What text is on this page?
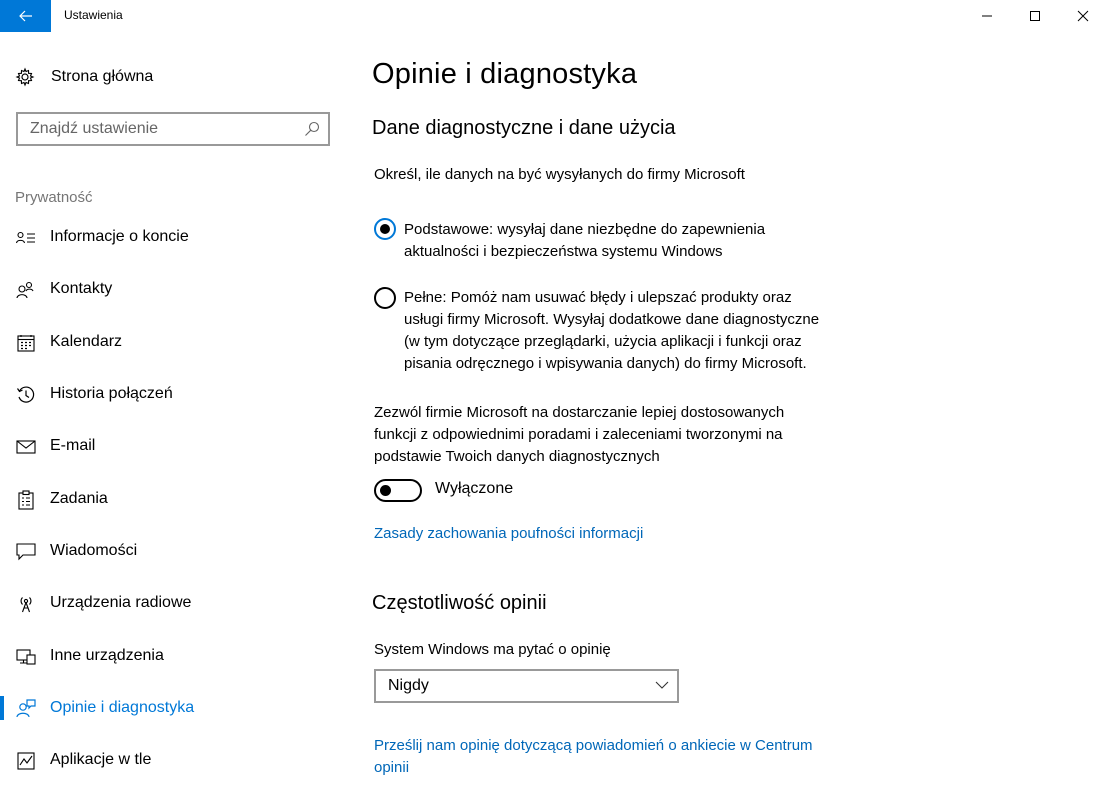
Ustawienia
Strona główna
Znajdź ustawienie
Prywatność
Informacje o koncie
Kontakty
Kalendarz
Historia połączeń
E-mail
Zadania
Wiadomości
Urządzenia radiowe
Inne urządzenia
Opinie i diagnostyka
Aplikacje w tle
Opinie i diagnostyka
Dane diagnostyczne i dane użycia

Określ, ile danych na być wysyłanych do firmy Microsoft

Podstawowe: wysyłaj dane niezbędne do zapewnienia
aktualności i bezpieczeństwa systemu Windows
Pełne: Pomóż nam usuwać błędy i ulepszać produkty oraz
usługi firmy Microsoft. Wysyłaj dodatkowe dane diagnostyczne
(w tym dotyczące przeglądarki, użycia aplikacji i funkcji oraz
pisania odręcznego i wpisywania danych) do firmy Microsoft.
Zezwól firmie Microsoft na dostarczanie lepiej dostosowanych
funkcji z odpowiednimi poradami i zaleceniami tworzonymi na
podstawie Twoich danych diagnostycznych
Wyłączone
Zasady zachowania poufności informacji
Częstotliwość opinii

System Windows ma pytać o opinię

Nigdy
Prześlij nam opinię dotyczącą powiadomień o ankiecie w Centrum
opinii
